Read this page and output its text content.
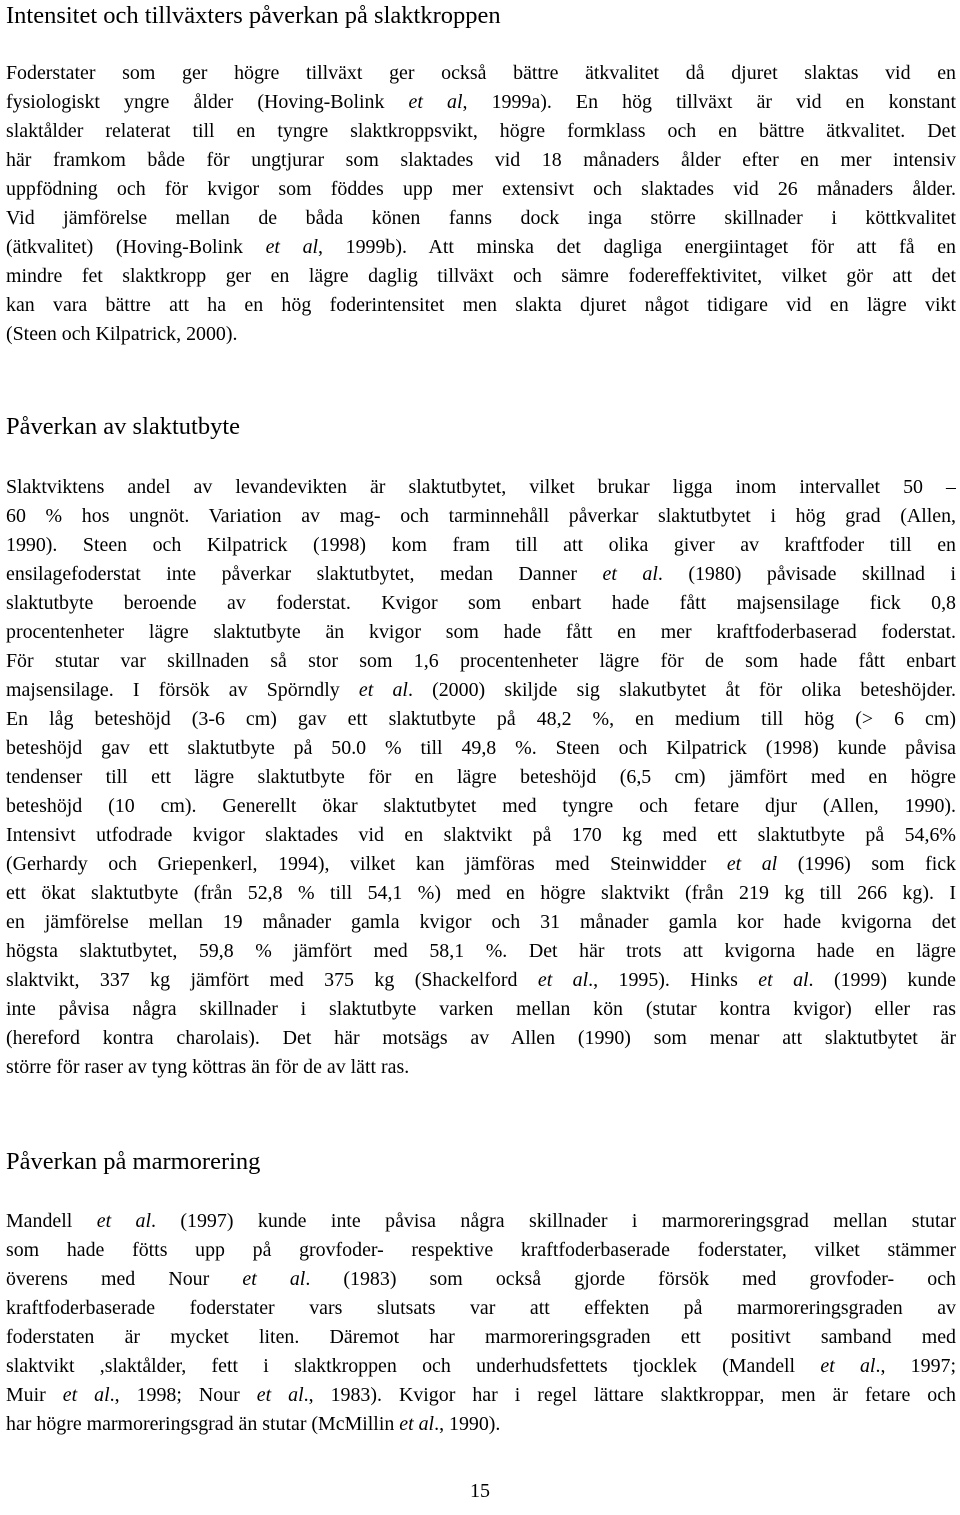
Intensitet och tillväxters påverkan på slaktkroppen

Foderstater som ger högre tillväxt ger också bättre ätkvalitet då djuret slaktas vid en
fysiologiskt yngre ålder (Hoving-Bolink et al, 1999a). En hög tillväxt är vid en konstant
slaktålder relaterat till en tyngre slaktkroppsvikt, högre formklass och en bättre ätkvalitet. Det
här framkom både för ungtjurar som slaktades vid 18 månaders ålder efter en mer intensiv
uppfödning och för kvigor som föddes upp mer extensivt och slaktades vid 26 månaders ålder.
Vid jämförelse mellan de båda könen fanns dock inga större skillnader i köttkvalitet
(ätkvalitet) (Hoving-Bolink et al, 1999b). Att minska det dagliga energiintaget för att få en
mindre fet slaktkropp ger en lägre daglig tillväxt och sämre fodereffektivitet, vilket gör att det
kan vara bättre att ha en hög foderintensitet men slakta djuret något tidigare vid en lägre vikt
(Steen och Kilpatrick, 2000).

Påverkan av slaktutbyte

Slaktviktens andel av levandevikten är slaktutbytet, vilket brukar ligga inom intervallet 50 –
60 % hos ungnöt. Variation av mag- och tarminnehåll påverkar slaktutbytet i hög grad (Allen,
1990). Steen och Kilpatrick (1998) kom fram till att olika giver av kraftfoder till en
ensilagefoderstat inte påverkar slaktutbytet, medan Danner et al. (1980) påvisade skillnad i
slaktutbyte beroende av foderstat. Kvigor som enbart hade fått majsensilage fick 0,8
procentenheter lägre slaktutbyte än kvigor som hade fått en mer kraftfoderbaserad foderstat.
För stutar var skillnaden så stor som 1,6 procentenheter lägre för de som hade fått enbart
majsensilage. I försök av Spörndly et al. (2000) skiljde sig slakutbytet åt för olika beteshöjder.
En låg beteshöjd (3-6 cm) gav ett slaktutbyte på 48,2 %, en medium till hög (> 6 cm)
beteshöjd gav ett slaktutbyte på 50.0 % till 49,8 %. Steen och Kilpatrick (1998) kunde påvisa
tendenser till ett lägre slaktutbyte för en lägre beteshöjd (6,5 cm) jämfört med en högre
beteshöjd (10 cm). Generellt ökar slaktutbytet med tyngre och fetare djur (Allen, 1990).
Intensivt utfodrade kvigor slaktades vid en slaktvikt på 170 kg med ett slaktutbyte på 54,6%
(Gerhardy och Griepenkerl, 1994), vilket kan jämföras med Steinwidder et al (1996) som fick
ett ökat slaktutbyte (från 52,8 % till 54,1 %) med en högre slaktvikt (från 219 kg till 266 kg). I
en jämförelse mellan 19 månader gamla kvigor och 31 månader gamla kor hade kvigorna det
högsta slaktutbytet, 59,8 % jämfört med 58,1 %. Det här trots att kvigorna hade en lägre
slaktvikt, 337 kg jämfört med 375 kg (Shackelford et al., 1995). Hinks et al. (1999) kunde
inte påvisa några skillnader i slaktutbyte varken mellan kön (stutar kontra kvigor) eller ras
(hereford kontra charolais). Det här motsägs av Allen (1990) som menar att slaktutbytet är
större för raser av tyng köttras än för de av lätt ras.

Påverkan på marmorering

Mandell et al. (1997) kunde inte påvisa några skillnader i marmoreringsgrad mellan stutar
som hade fötts upp på grovfoder- respektive kraftfoderbaserade foderstater, vilket stämmer
överens med Nour et al. (1983) som också gjorde försök med grovfoder- och
kraftfoderbaserade foderstater vars slutsats var att effekten på marmoreringsgraden av
foderstaten är mycket liten. Däremot har marmoreringsgraden ett positivt samband med
slaktvikt ,slaktålder, fett i slaktkroppen och underhudsfettets tjocklek (Mandell et al., 1997;
Muir et al., 1998; Nour et al., 1983). Kvigor har i regel lättare slaktkroppar, men är fetare och
har högre marmoreringsgrad än stutar (McMillin et al., 1990).

15
